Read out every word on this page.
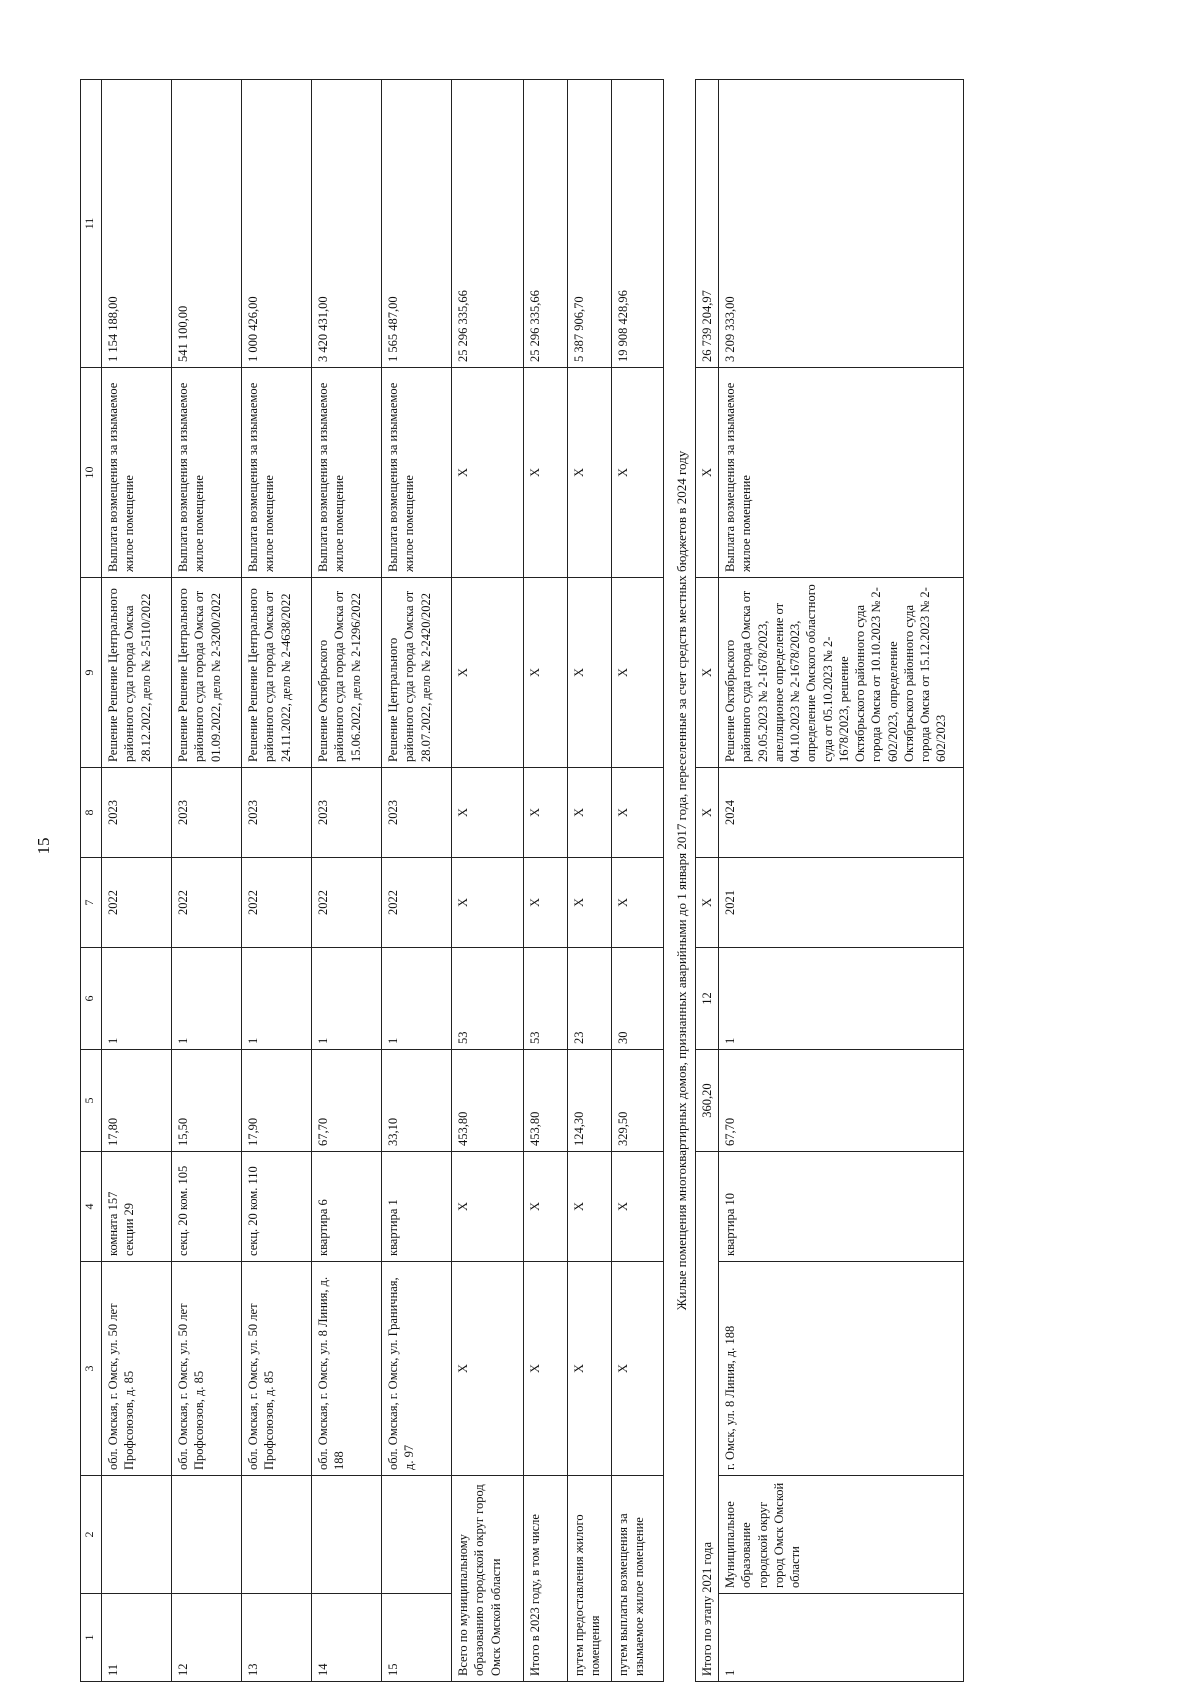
15
1	2	3	4	5	6	7	8	9	10	11
11		обл. Омская, г. Омск, ул. 50 лет Профсоюзов, д. 85	комната 157 секции 29	17,80	1	2022	2023	Решение Решение Центрального районного суда города Омска 28.12.2022, дело № 2-5110/2022	Выплата возмещения за изымаемое жилое помещение	1 154 188,00
12		обл. Омская, г. Омск, ул. 50 лет Профсоюзов, д. 85	секц. 20 ком. 105	15,50	1	2022	2023	Решение Решение Центрального районного суда города Омска от 01.09.2022, дело № 2-3200/2022	Выплата возмещения за изымаемое жилое помещение	541 100,00
13		обл. Омская, г. Омск, ул. 50 лет Профсоюзов, д. 85	секц. 20 ком. 110	17,90	1	2022	2023	Решение Решение Центрального районного суда города Омска от 24.11.2022, дело № 2-4638/2022	Выплата возмещения за изымаемое жилое помещение	1 000 426,00
14		обл. Омская, г. Омск, ул. 8 Линия, д. 188	квартира 6	67,70	1	2022	2023	Решение Октябрьского районного суда города Омска от 15.06.2022, дело № 2-1296/2022	Выплата возмещения за изымаемое жилое помещение	3 420 431,00
15		обл. Омская, г. Омск, ул. Граничная, д. 97	квартира 1	33,10	1	2022	2023	Решение Центрального районного суда города Омска от 28.07.2022, дело № 2-2420/2022	Выплата возмещения за изымаемое жилое помещение	1 565 487,00
Всего по муниципальному образованию городской округ город Омск Омской области		X	X	453,80	53	X	X	X	X	25 296 335,66
Итого в 2023 году, в том числе		X	X	453,80	53	X	X	X	X	25 296 335,66
путем предоставления жилого помещения		X	X	124,30	23	X	X	X	X	5 387 906,70
путем выплаты возмещения за изымаемое жилое помещение		X	X	329,50	30	X	X	X	X	19 908 428,96
Жилые помещения многоквартирных домов, признанных аварийными до 1 января 2017 года, переселенные за счет средств местных бюджетов в 2024 году										
Итого по этапу 2021 года				360,20	12	X	X	X	X	26 739 204,97
1	Муниципальное образование городской округ город Омск Омской области	г. Омск, ул. 8 Линия, д. 188	квартира 10	67,70	1	2021	2024	Решение Октябрьского районного суда города Омска от 29.05.2023 № 2-1678/2023, апелляционое определение от 04.10.2023 № 2-1678/2023, определение Омского областного суда от 05.10.2023 № 2-1678/2023, решение Октябрьского районного суда города Омска от 10.10.2023 № 2-602/2023, определение Октябрьского районного суда города Омска от 15.12.2023 № 2-602/2023	Выплата возмещения за изымаемое жилое помещение	3 209 333,00
